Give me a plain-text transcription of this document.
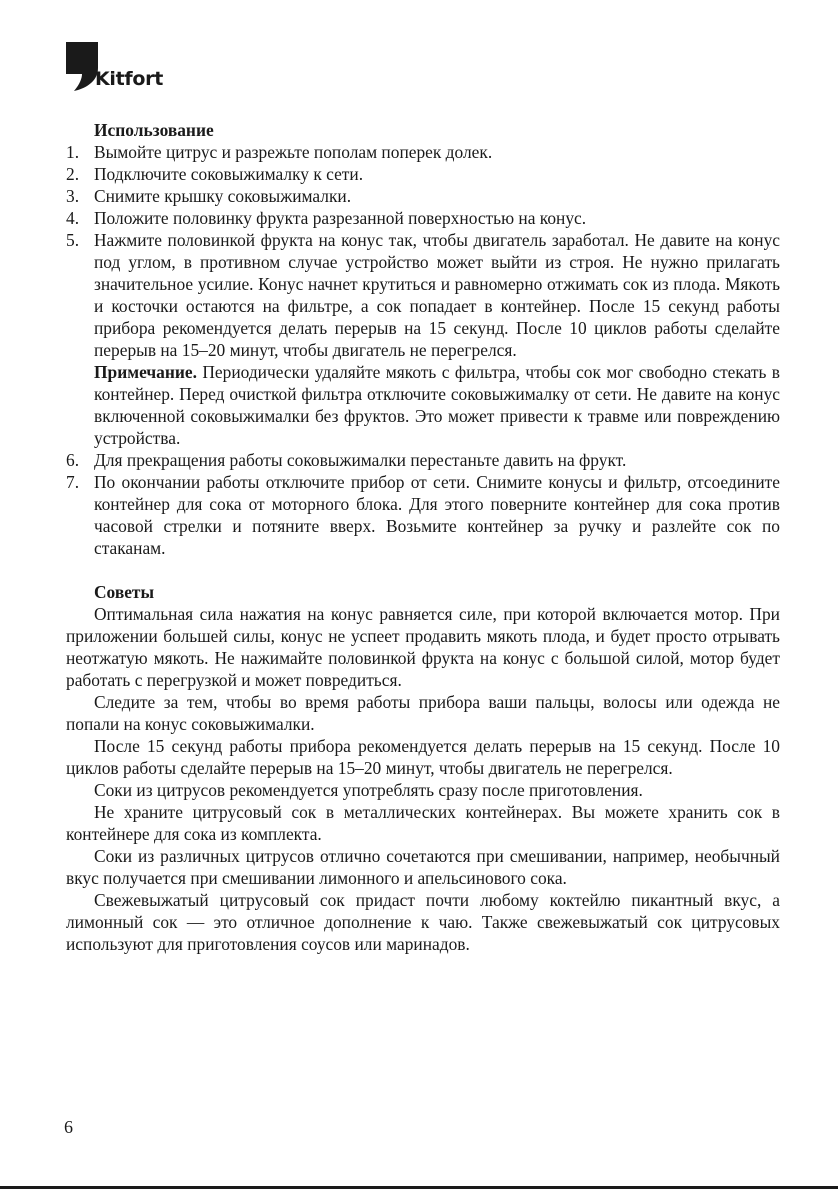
Kitfort
Использование
1. Вымойте цитрус и разрежьте пополам поперек долек.
2. Подключите соковыжималку к сети.
3. Снимите крышку соковыжималки.
4. Положите половинку фрукта разрезанной поверхностью на конус.
5. Нажмите половинкой фрукта на конус так, чтобы двигатель заработал. Не давите на конус под углом, в противном случае устройство может выйти из строя. Не нужно прилагать значительное усилие. Конус начнет крутиться и равномерно отжимать сок из плода. Мякоть и косточки остаются на фильтре, а сок попадает в контейнер. После 15 секунд работы прибора рекомендуется делать перерыв на 15 секунд. После 10 циклов работы сделайте перерыв на 15–20 минут, чтобы двигатель не перегрелся.
Примечание. Периодически удаляйте мякоть с фильтра, чтобы сок мог свободно стекать в контейнер. Перед очисткой фильтра отключите соковыжималку от сети. Не давите на конус включенной соковыжималки без фруктов. Это может привести к травме или повреждению устройства.
6. Для прекращения работы соковыжималки перестаньте давить на фрукт.
7. По окончании работы отключите прибор от сети. Снимите конусы и фильтр, отсоедините контейнер для сока от моторного блока. Для этого поверните контейнер для сока против часовой стрелки и потяните вверх. Возьмите контейнер за ручку и разлейте сок по стаканам.
Советы
Оптимальная сила нажатия на конус равняется силе, при которой включается мотор. При приложении большей силы, конус не успеет продавить мякоть плода, и будет просто отрывать неотжатую мякоть. Не нажимайте половинкой фрукта на конус с большой силой, мотор будет работать с перегрузкой и может повредиться.
Следите за тем, чтобы во время работы прибора ваши пальцы, волосы или одежда не попали на конус соковыжималки.
После 15 секунд работы прибора рекомендуется делать перерыв на 15 секунд. После 10 циклов работы сделайте перерыв на 15–20 минут, чтобы двигатель не перегрелся.
Соки из цитрусов рекомендуется употреблять сразу после приготовления.
Не храните цитрусовый сок в металлических контейнерах. Вы можете хранить сок в контейнере для сока из комплекта.
Соки из различных цитрусов отлично сочетаются при смешивании, например, необычный вкус получается при смешивании лимонного и апельсинового сока.
Свежевыжатый цитрусовый сок придаст почти любому коктейлю пикантный вкус, а лимонный сок — это отличное дополнение к чаю. Также свежевыжатый сок цитрусовых используют для приготовления соусов или маринадов.
6
